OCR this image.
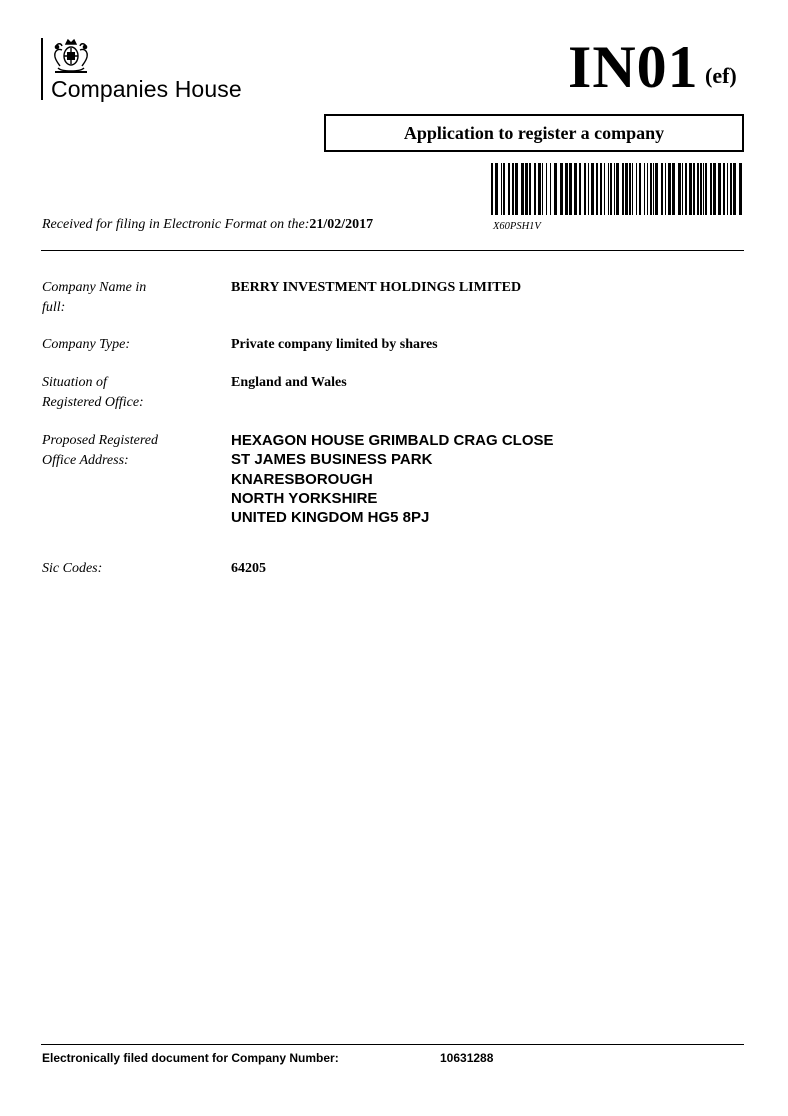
Companies House	IN01 (ef)
Application to register a company
X60PSH1V
Received for filing in Electronic Format on the:21/02/2017
Company Name in
full:
BERRY INVESTMENT HOLDINGS LIMITED
Company Type:	Private company limited by shares
Situation of
Registered Office:
England and Wales
Proposed Registered
Office Address:
HEXAGON HOUSE GRIMBALD CRAG CLOSE
ST JAMES BUSINESS PARK
KNARESBOROUGH
NORTH YORKSHIRE
UNITED KINGDOM HG5 8PJ
Sic Codes:	64205
Electronically filed document for Company Number:	10631288
